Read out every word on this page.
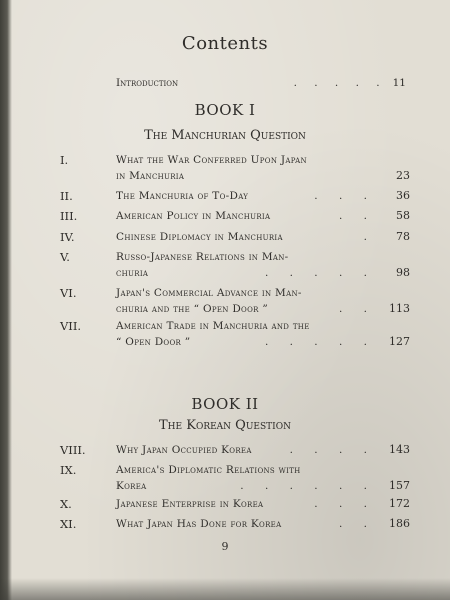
Contents
Introduction	. . . . . 11
BOOK I
The Manchurian Question
I.	What the War Conferred Upon Japan
in Manchuria	23
II.	The Manchuria of To-Day	. . .	36
III.	American Policy in Manchuria	. .	58
IV.	Chinese Diplomacy in Manchuria	.	78
V.	Russo-Japanese Relations in Man-
churia	. . . . .	98
VI.	Japan's Commercial Advance in Man-
churia and the “ Open Door ”	. .	113
VII.	American Trade in Manchuria and the
“ Open Door ”	. . . . .	127
BOOK II
The Korean Question
VIII.	Why Japan Occupied Korea	. . . .	143
IX.	America's Diplomatic Relations with
Korea	. . . . . .	157
X.	Japanese Enterprise in Korea	. . .	172
XI.	What Japan Has Done for Korea	. .	186
9
